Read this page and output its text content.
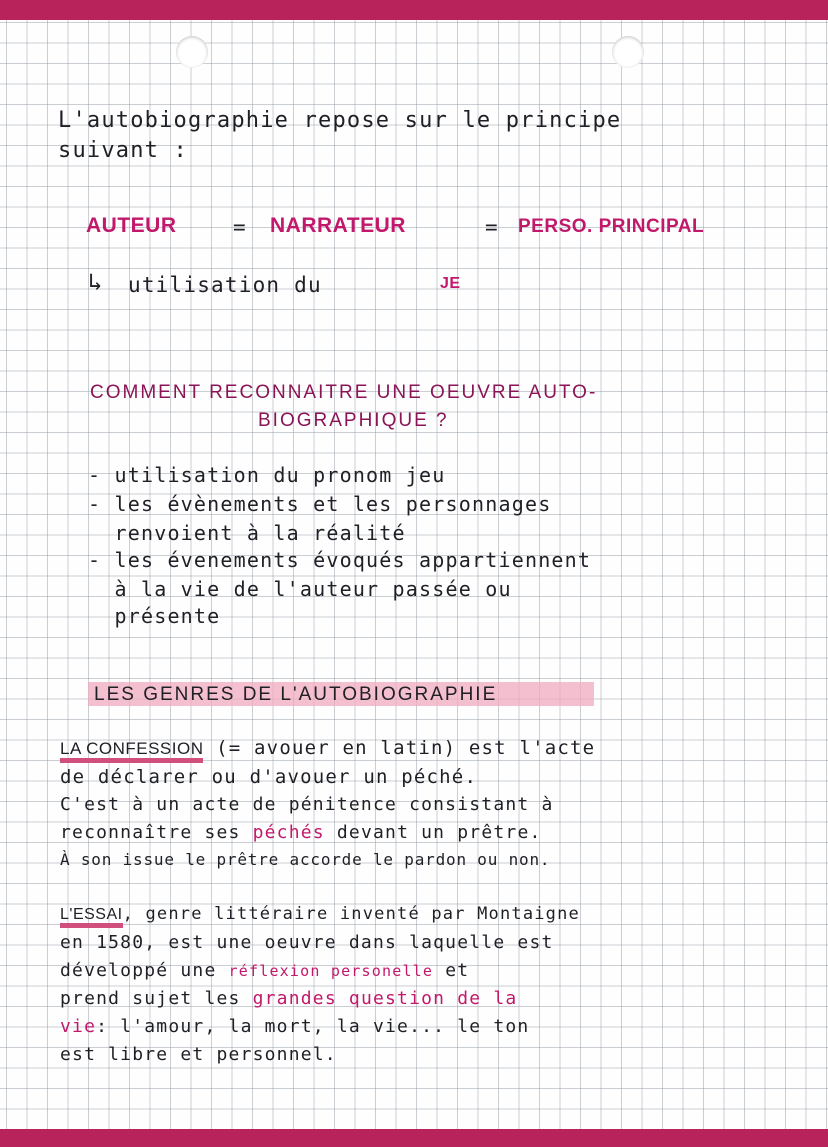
L'autobiographie repose sur le principe
suivant :
AUTEUR	= NARRATEUR	= PERSO. PRINCIPAL
↳ utilisation du	JE
COMMENT RECONNAITRE UNE OEUVRE AUTO-
BIOGRAPHIQUE ?
- utilisation du pronom jeu
- les évènements et les personnages
renvoient à la réalité
- les évenements évoqués appartiennent
à la vie de l'auteur passée ou
présente
LES GENRES DE L'AUTOBIOGRAPHIE
LA CONFESSION (= avouer en latin) est l'acte
de déclarer ou d'avouer un péché.
C'est à un acte de pénitence consistant à
reconnaître ses péchés devant un prêtre.
À son issue le prêtre accorde le pardon ou non.
L'ESSAI, genre littéraire inventé par Montaigne
en 1580, est une oeuvre dans laquelle est
développé une réflexion personelle et
prend sujet les grandes question de la
vie: l'amour, la mort, la vie... le ton
est libre et personnel.
